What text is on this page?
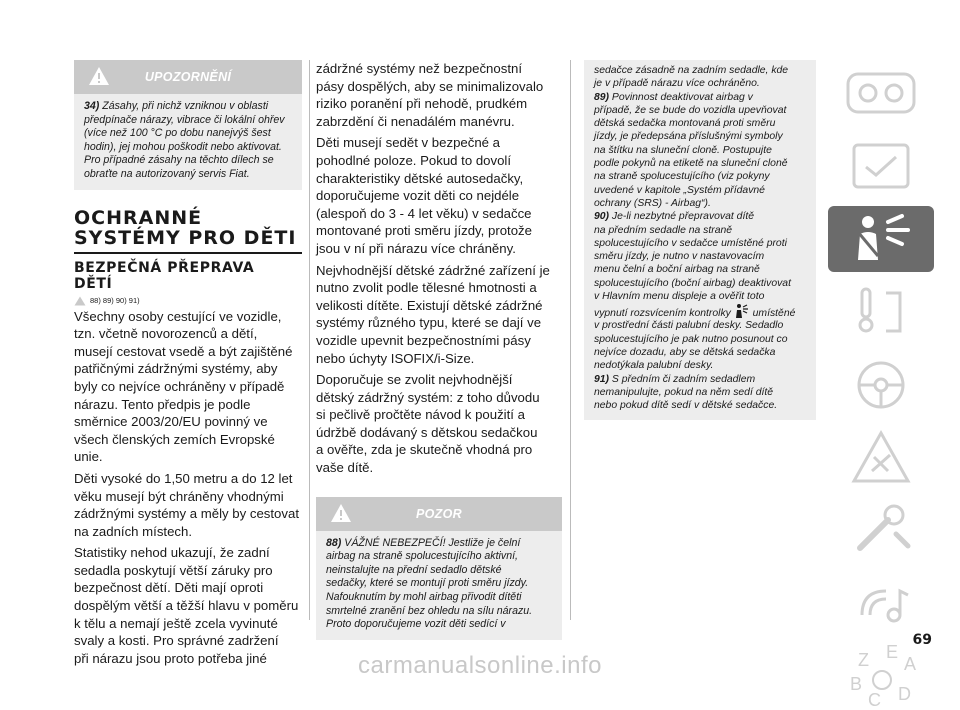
UPOZORNĚNÍ
34) Zásahy, při nichž vzniknou v oblasti
předpínače nárazy, vibrace či lokální ohřev
(více než 100 °C po dobu nanejvýš šest
hodin), jej mohou poškodit nebo aktivovat.
Pro případné zásahy na těchto dílech se
obraťte na autorizovaný servis Fiat.
OCHRANNÉ
SYSTÉMY PRO DĚTI
BEZPEČNÁ PŘEPRAVA
DĚTÍ
88) 89) 90) 91)
Všechny osoby cestující ve vozidle,
tzn. včetně novorozenců a dětí,
musejí cestovat vsedě a být zajištěné
patřičnými zádržnými systémy, aby
byly co nejvíce ochráněny v případě
nárazu. Tento předpis je podle
směrnice 2003/20/EU povinný ve
všech členských zemích Evropské unie.
Děti vysoké do 1,50 metru a do 12 let
věku musejí být chráněny vhodnými
zádržnými systémy a měly by cestovat
na zadních místech.
Statistiky nehod ukazují, že zadní
sedadla poskytují větší záruky pro
bezpečnost dětí. Děti mají oproti
dospělým větší a těžší hlavu v poměru
k tělu a nemají ještě zcela vyvinuté
svaly a kosti. Pro správné zadržení
při nárazu jsou proto potřeba jiné
zádržné systémy než bezpečnostní
pásy dospělých, aby se minimalizovalo
riziko poranění při nehodě, prudkém
zabrzdění či nenadálém manévru.
Děti musejí sedět v bezpečné a
pohodlné poloze. Pokud to dovolí
charakteristiky dětské autosedačky,
doporučujeme vozit děti co nejdéle
(alespoň do 3 - 4 let věku) v sedačce
montované proti směru jízdy, protože
jsou v ní při nárazu více chráněny.
Nejvhodnější dětské zádržné zařízení je
nutno zvolit podle tělesné hmotnosti a
velikosti dítěte. Existují dětské zádržné
systémy různého typu, které se dají ve
vozidle upevnit bezpečnostními pásy
nebo úchyty ISOFIX/i-Size.
Doporučuje se zvolit nejvhodnější
dětský zádržný systém: z toho důvodu
si pečlivě pročtěte návod k použití a
údržbě dodávaný s dětskou sedačkou
a ověřte, zda je skutečně vhodná pro
vaše dítě.
POZOR
88) VÁŽNÉ NEBEZPEČÍ! Jestliže je čelní
airbag na straně spolucestujícího aktivní,
neinstalujte na přední sedadlo dětské
sedačky, které se montují proti směru jízdy.
Nafouknutím by mohl airbag přivodit dítěti
smrtelné zranění bez ohledu na sílu nárazu.
Proto doporučujeme vozit děti sedící v
sedačce zásadně na zadním sedadle, kde
je v případě nárazu více ochráněno.
89) Povinnost deaktivovat airbag v
případě, že se bude do vozidla upevňovat
dětská sedačka montovaná proti směru
jízdy, je předepsána příslušnými symboly
na štítku na sluneční cloně. Postupujte
podle pokynů na etiketě na sluneční cloně
na straně spolucestujícího (viz pokyny
uvedené v kapitole „Systém přídavné
ochrany (SRS) - Airbag“).
90) Je-li nezbytné přepravovat dítě
na předním sedadle na straně
spolucestujícího v sedačce umístěné proti
směru jízdy, je nutno v nastavovacím
menu čelní a boční airbag na straně
spolucestujícího (boční airbag) deaktivovat
v Hlavním menu displeje a ověřit toto
vypnutí rozsvícením kontrolky umístěné
v prostřední části palubní desky. Sedadlo
spolucestujícího je pak nutno posunout co
nejvíce dozadu, aby se dětská sedačka
nedotýkala palubní desky.
91) S předním či zadním sedadlem
nemanipulujte, pokud na něm sedí dítě
nebo pokud dítě sedí v dětské sedačce.
Z E
A
B
C D
69
carmanualsonline.info
